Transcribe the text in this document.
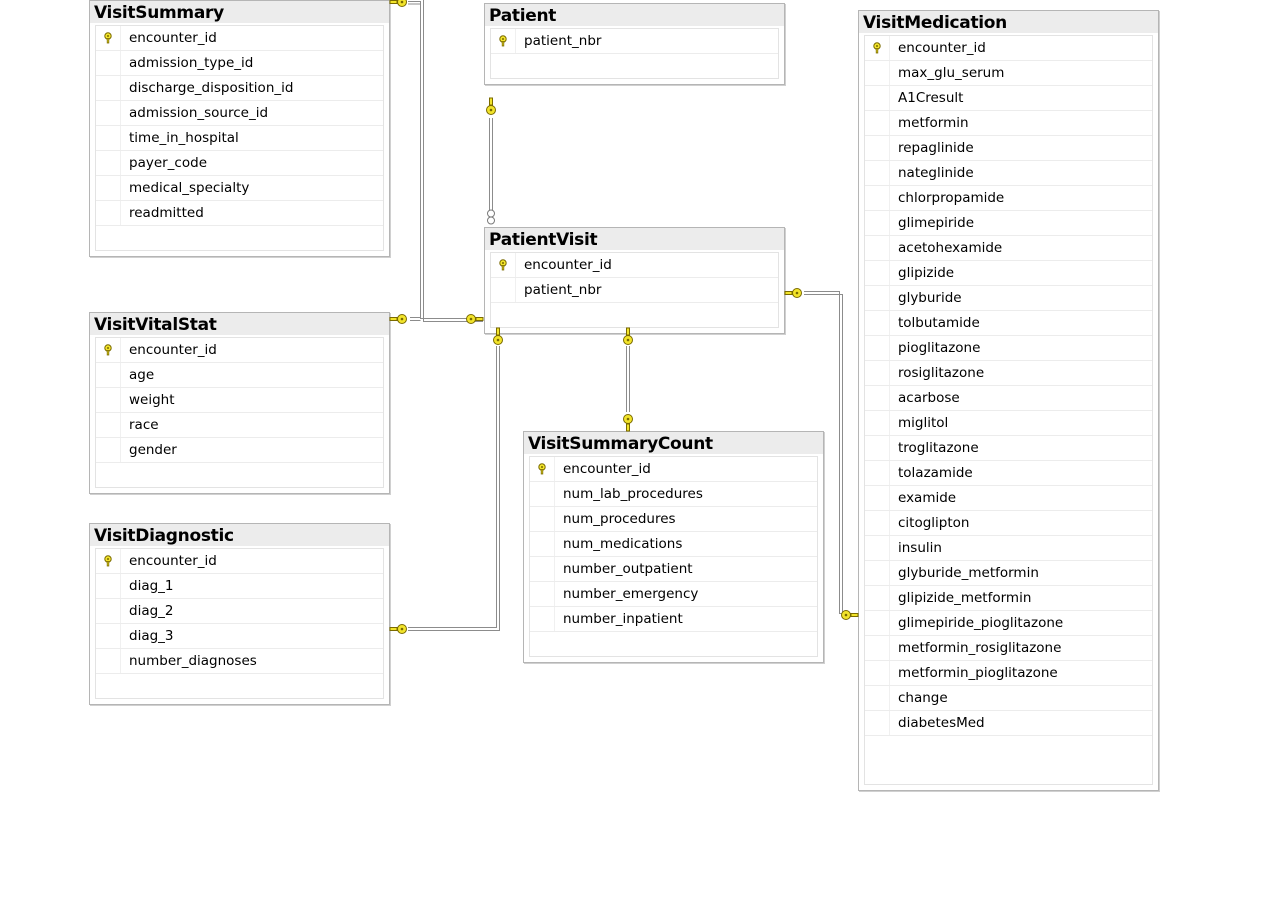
VisitSummary
encounter_id
admission_type_id
discharge_disposition_id
admission_source_id
time_in_hospital
payer_code
medical_specialty
readmitted
Patient
patient_nbr
PatientVisit
encounter_id
patient_nbr
VisitVitalStat
encounter_id
age
weight
race
gender
VisitDiagnostic
encounter_id
diag_1
diag_2
diag_3
number_diagnoses
VisitSummaryCount
encounter_id
num_lab_procedures
num_procedures
num_medications
number_outpatient
number_emergency
number_inpatient
VisitMedication
encounter_id
max_glu_serum
A1Cresult
metformin
repaglinide
nateglinide
chlorpropamide
glimepiride
acetohexamide
glipizide
glyburide
tolbutamide
pioglitazone
rosiglitazone
acarbose
miglitol
troglitazone
tolazamide
examide
citoglipton
insulin
glyburide_metformin
glipizide_metformin
glimepiride_pioglitazone
metformin_rosiglitazone
metformin_pioglitazone
change
diabetesMed
